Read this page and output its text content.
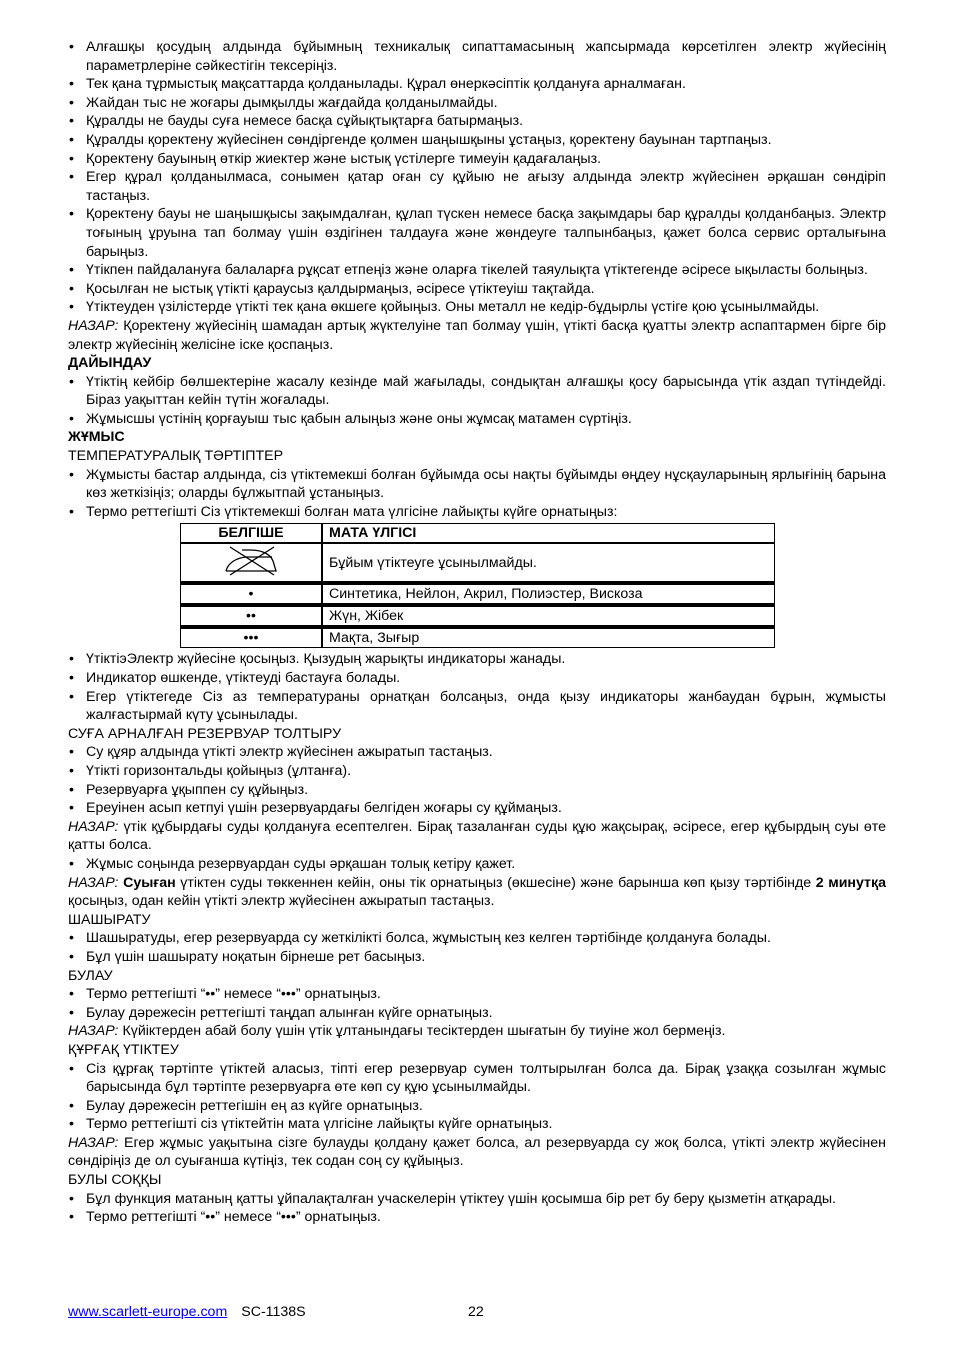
• Алғашқы қосудың алдында бұйымның техникалық сипаттамасының жапсырмада көрсетілген электр жүйесінің параметрлеріне сәйкестігін тексеріңіз.
• Тек қана тұрмыстық мақсаттарда қолданылады. Құрал өнеркәсіптік қолдануға арналмаған.
• Жайдан тыс не жоғары дымқылды жағдайда қолданылмайды.
• Құралды не бауды суға немесе басқа сұйықтықтарға батырмаңыз.
• Құралды қоректену жүйесінен сөндіргенде қолмен шаңышқыны ұстаңыз, қоректену бауынан тартпаңыз.
• Қоректену бауының өткір жиектер және ыстық үстілерге тимеуін қадағалаңыз.
• Егер құрал қолданылмаса, сонымен қатар оған су құйыю не ағызу алдында электр жүйесінен әрқашан сөндіріп тастаңыз.
• Қоректену бауы не шаңышқысы зақымдалған, құлап түскен немесе басқа зақымдары бар құралды қолданбаңыз. Электр тоғының ұруына тап болмау үшін өздігінен талдауға және жөндеуге талпынбаңыз, қажет болса сервис орталығына барыңыз.
• Үтікпен пайдалануға балаларға рұқсат етпеңіз және оларға тікелей таяулықта үтіктегенде әсіресе ықыласты болыңыз.
• Қосылған не ыстық үтікті қараусыз қалдырмаңыз, әсіресе үтіктеуіш тақтайда.
• Үтіктеуден үзілістерде үтікті тек қана өкшеге қойыңыз. Оны металл не кедір-бұдырлы үстіге қою ұсынылмайды.
НАЗАР: Қоректену жүйесінің шамадан артық жүктелуіне тап болмау үшін, үтікті басқа қуатты электр аспаптармен бірге бір электр жүйесінің желісіне іске қоспаңыз.
ДАЙЫНДАУ
• Үтіктің кейбір бөлшектеріне жасалу кезінде май жағылады, сондықтан алғашқы қосу барысында үтік аздап түтіндейді. Біраз уақыттан кейін түтін жоғалады.
• Жұмысшы үстінің қорғауыш тыс қабын алыңыз және оны жұмсақ матамен сүртіңіз.
ЖҰМЫС
ТЕМПЕРАТУРАЛЫҚ ТӘРТІПТЕР
• Жұмысты бастар алдында, сіз үтіктемекші болған бұйымда осы нақты бұйымды өңдеу нұсқауларының ярлығінің барына көз жеткізіңіз; оларды бұлжытпай ұстаныңыз.
• Термо реттегішті Сіз үтіктемекші болған мата үлгісіне лайықты күйге орнатыңыз:
БЕЛГІШЕ	МАТА ҮЛГІСІ
	Бұйым үтіктеуге ұсынылмайды.
•	Синтетика, Нейлон, Акрил, Полиэстер, Вискоза
••	Жүн, Жібек
•••	Мақта, Зығыр
• ҮтіктіэЭлектр жүйесіне қосыңыз. Қызудың жарықты индикаторы жанады.
• Индикатор өшкенде, үтіктеуді бастауға болады.
• Егер үтіктегеде Сіз аз температураны орнатқан болсаңыз, онда қызу индикаторы жанбаудан бұрын, жұмысты жалғастырмай күту ұсынылады.
СУҒА АРНАЛҒАН РЕЗЕРВУАР ТОЛТЫРУ
• Су құяр алдында үтікті электр жүйесінен ажыратып тастаңыз.
• Үтікті горизонтальды қойыңыз (ұлтанға).
• Резервуарға ұқыппен су құйыңыз.
• Ереуінен асып кетпуі үшін резервуардағы белгіден жоғары су құймаңыз.
НАЗАР: үтік құбырдағы суды қолдануға есептелген. Бірақ тазаланған суды құю жақсырақ, әсіресе, егер құбырдың суы өте қатты болса.
• Жұмыс соңында резервуардан суды әрқашан толық кетіру қажет.
НАЗАР: Суыған үтіктен суды төккеннен кейін, оны тік орнатыңыз (өкшесіне) және барынша көп қызу тәртібінде 2 минутқа қосыңыз, одан кейін үтікті электр жүйесінен ажыратып тастаңыз.
ШАШЫРАТУ
• Шашыратуды, егер резервуарда су жеткілікті болса, жұмыстың кез келген тәртібінде қолдануға болады.
• Бұл үшін шашырату ноқатын бірнеше рет басыңыз.
БУЛАУ
• Термо реттегішті “••” немесе “•••” орнатыңыз.
• Булау дәрежесін реттегішті таңдап алынған күйге орнатыңыз.
НАЗАР: Күйіктерден абай болу үшін үтік ұлтанындағы тесіктерден шығатын бу тиуіне жол бермеңіз.
ҚҰРҒАҚ ҮТІКТЕУ
• Сіз құрғақ тәртіпте үтіктей алаcыз, тіпті егер резервуар сумен толтырылған болса да. Бірақ ұзаққа созылған жұмыс барысында бұл тәртіпте резервуарға өте көп су құю ұсынылмайды.
• Булау дәрежесін реттегішін ең аз күйге орнатыңыз.
• Термо реттегішті сіз үтіктейтін мата үлгісіне лайықты күйге орнатыңыз.
НАЗАР: Егер жұмыс уақытына сізге булауды қолдану қажет болса, ал резервуарда су жоқ болса, үтікті электр жүйесінен сөндіріңіз де ол суығанша күтіңіз, тек содан соң су құйыңыз.
БУЛЫ СОҚҚЫ
• Бұл функция матаның қатты ұйпалақталған учаскелерін үтіктеу үшін қосымша бір рет бу беру қызметін атқарады.
• Термо реттегішті “••” немесе “•••” орнатыңыз.
www.scarlett-europe.com SC-1138S	22
